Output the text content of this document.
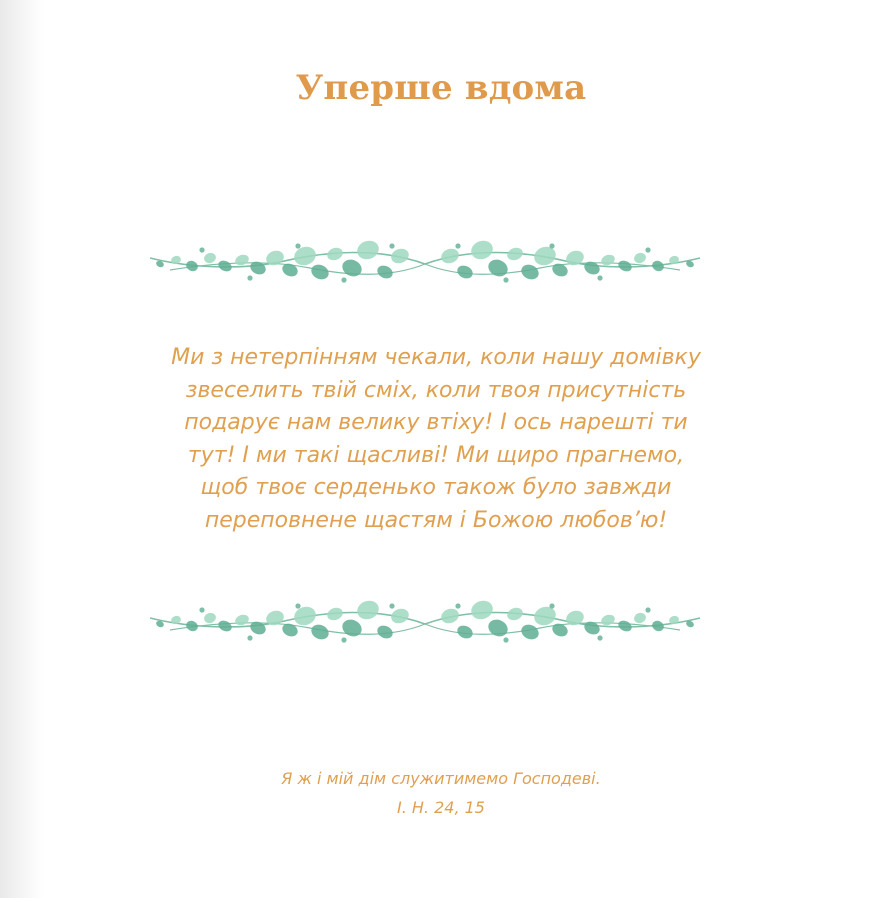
Уперше вдома

Ми з нетерпінням чекали, коли нашу домівку
звеселить твій сміх, коли твоя присутність
подарує нам велику втіху! І ось нарешті ти
тут! І ми такі щасливі! Ми щиро прагнемо,
щоб твоє серденько також було завжди
переповнене щастям і Божою любов’ю!

Я ж і мій дім служитимемо Господеві.
І. Н. 24, 15
